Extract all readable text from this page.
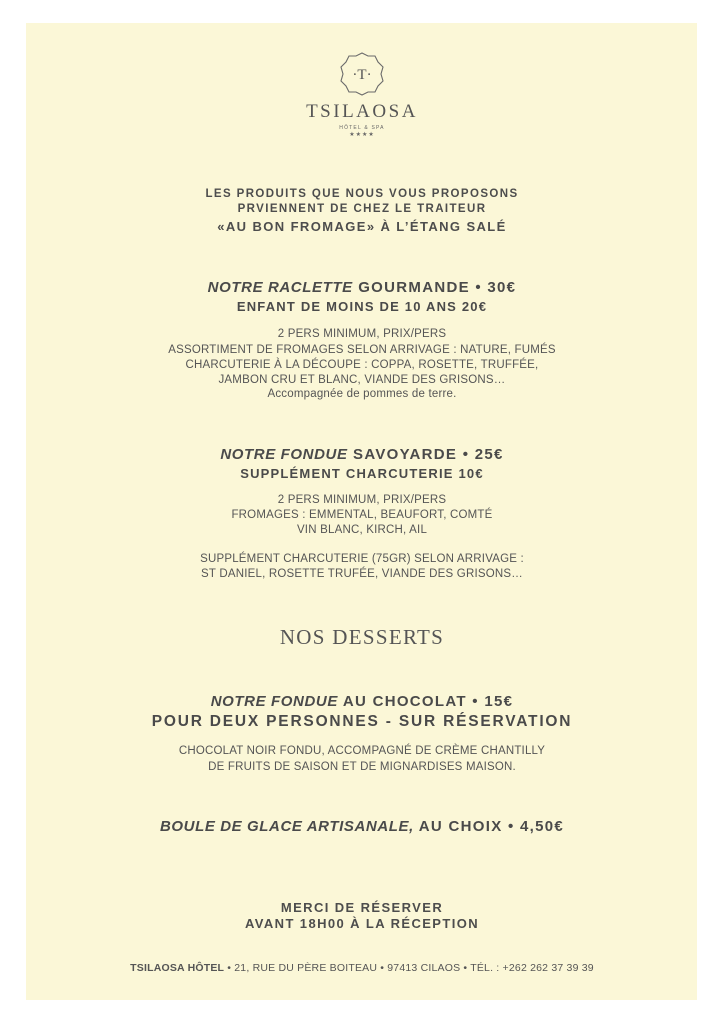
·T·
TSILAOSA
HÔTEL & SPA
★★★★
LES PRODUITS QUE NOUS VOUS PROPOSONS
PRVIENNENT DE CHEZ LE TRAITEUR
«AU BON FROMAGE» À L’ÉTANG SALÉ
NOTRE RACLETTE GOURMANDE • 30€
ENFANT DE MOINS DE 10 ANS 20€
2 PERS MINIMUM, PRIX/PERS
ASSORTIMENT DE FROMAGES SELON ARRIVAGE : NATURE, FUMÉS
CHARCUTERIE À LA DÉCOUPE : COPPA, ROSETTE, TRUFFÉE,
JAMBON CRU ET BLANC, VIANDE DES GRISONS…
Accompagnée de pommes de terre.
NOTRE FONDUE SAVOYARDE • 25€
SUPPLÉMENT CHARCUTERIE 10€
2 PERS MINIMUM, PRIX/PERS
FROMAGES : EMMENTAL, BEAUFORT, COMTÉ
VIN BLANC, KIRCH, AIL
SUPPLÉMENT CHARCUTERIE (75GR) SELON ARRIVAGE :
ST DANIEL, ROSETTE TRUFÉE, VIANDE DES GRISONS…
NOS DESSERTS
NOTRE FONDUE AU CHOCOLAT • 15€
POUR DEUX PERSONNES - SUR RÉSERVATION
CHOCOLAT NOIR FONDU, ACCOMPAGNÉ DE CRÈME CHANTILLY
DE FRUITS DE SAISON ET DE MIGNARDISES MAISON.
BOULE DE GLACE ARTISANALE, AU CHOIX • 4,50€
MERCI DE RÉSERVER
AVANT 18H00 À LA RÉCEPTION
TSILAOSA HÔTEL • 21, RUE DU PÈRE BOITEAU • 97413 CILAOS • TÉL. : +262 262 37 39 39
